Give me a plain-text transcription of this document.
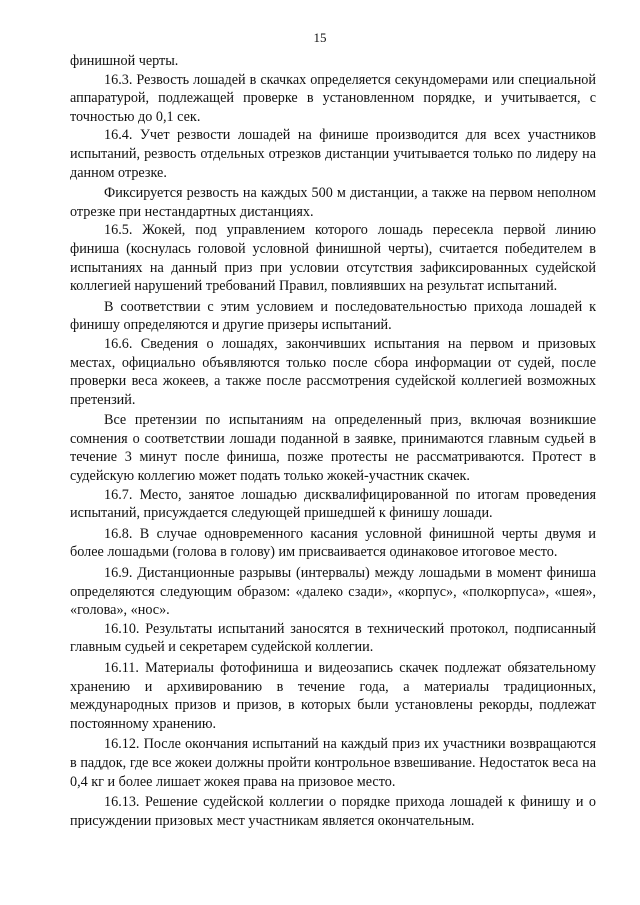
15

финишной черты.

16.3. Резвость лошадей в скачках определяется секундомерами или специальной аппаратурой, подлежащей проверке в установленном порядке, и учитывается, с точностью до 0,1 сек.

16.4. Учет резвости лошадей на финише производится для всех участников испытаний, резвость отдельных отрезков дистанции учитывается только по лидеру на данном отрезке.

Фиксируется резвость на каждых 500 м дистанции, а также на первом неполном отрезке при нестандартных дистанциях.

16.5. Жокей, под управлением которого лошадь пересекла первой линию финиша (коснулась головой условной финишной черты), считается победителем в испытаниях на данный приз при условии отсутствия зафиксированных судейской коллегией нарушений требований Правил, повлиявших на результат испытаний.

В соответствии с этим условием и последовательностью прихода лошадей к финишу определяются и другие призеры испытаний.

16.6. Сведения о лошадях, закончивших испытания на первом и призовых местах, официально объявляются только после сбора информации от судей, после проверки веса жокеев, а также после рассмотрения судейской коллегией возможных претензий.

Все претензии по испытаниям на определенный приз, включая возникшие сомнения о соответствии лошади поданной в заявке, принимаются главным судьей в течение 3 минут после финиша, позже протесты не рассматриваются. Протест в судейскую коллегию может подать только жокей-участник скачек.

16.7. Место, занятое лошадью дисквалифицированной по итогам проведения испытаний, присуждается следующей пришедшей к финишу лошади.

16.8. В случае одновременного касания условной финишной черты двумя и более лошадьми (голова в голову) им присваивается одинаковое итоговое место.

16.9. Дистанционные разрывы (интервалы) между лошадьми в момент финиша определяются следующим образом: «далеко сзади», «корпус», «полкорпуса», «шея», «голова», «нос».

16.10. Результаты испытаний заносятся в технический протокол, подписанный главным судьей и секретарем судейской коллегии.

16.11. Материалы фотофиниша и видеозапись скачек подлежат обязательному хранению и архивированию в течение года, а материалы традиционных, международных призов и призов, в которых были установлены рекорды, подлежат постоянному хранению.

16.12. После окончания испытаний на каждый приз их участники возвращаются в паддок, где все жокеи должны пройти контрольное взвешивание. Недостаток веса на 0,4 кг и более лишает жокея права на призовое место.

16.13. Решение судейской коллегии о порядке прихода лошадей к финишу и о присуждении призовых мест участникам является окончательным.
